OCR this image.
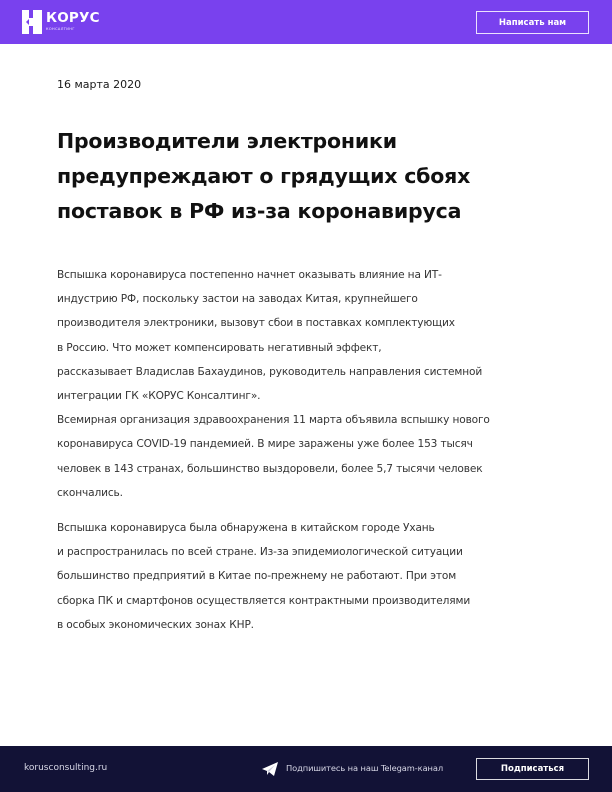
КОРУС
КОНСАЛТИНГ
Написать нам
16 марта 2020
Производители электроники
предупреждают о грядущих сбоях
поставок в РФ из-за коронавируса

Вспышка коронавируса постепенно начнет оказывать влияние на ИТ-

индустрию РФ, поскольку застои на заводах Китая, крупнейшего

производителя электроники, вызовут сбои в поставках комплектующих

в Россию. Что может компенсировать негативный эффект,

рассказывает Владислав Бахаудинов, руководитель направления системной

интеграции ГК «КОРУС Консалтинг».

Всемирная организация здравоохранения 11 марта объявила вспышку нового

коронавируса COVID-19 пандемией. В мире заражены уже более 153 тысяч

человек в 143 странах, большинство выздоровели, более 5,7 тысячи человек

скончались.

Вспышка коронавируса была обнаружена в китайском городе Ухань

и распространилась по всей стране. Из-за эпидемиологической ситуации

большинство предприятий в Китае по-прежнему не работают. При этом

сборка ПК и смартфонов осуществляется контрактными производителями

в особых экономических зонах КНР.

korusconsulting.ru	Подпишитесь на наш Telegam-канал	Подписаться
